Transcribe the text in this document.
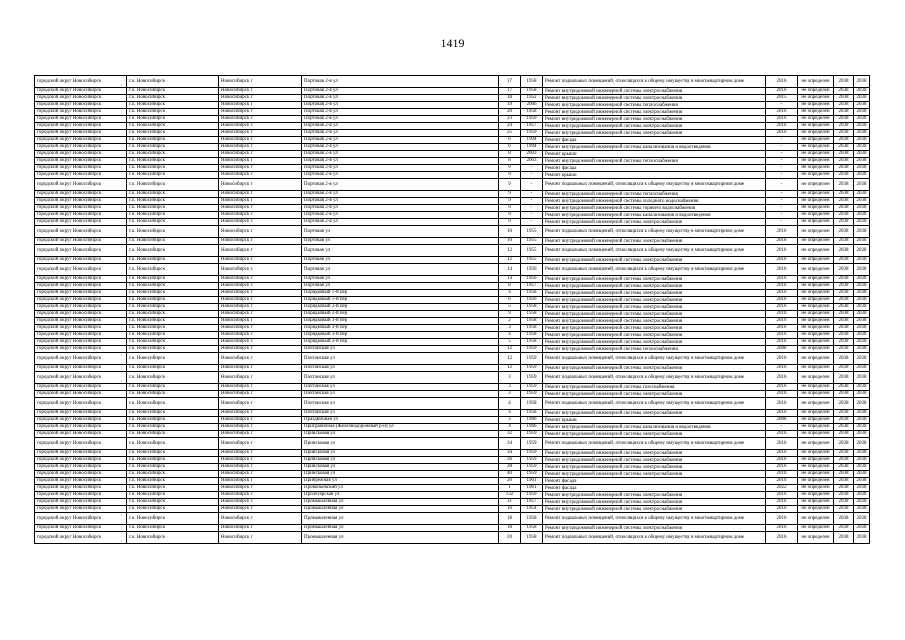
1419
городской округ Новосибирск	г.о. Новосибирск	Новосибирск г	Портовая 2-я ул	17	1958	Ремонт подвальных помещений, относящихся к общему имуществу в многоквартирном доме	2016	не определен	2038	2038
городской округ Новосибирск	г.о. Новосибирск	Новосибирск г	Портовая 2-я ул	17	1958	Ремонт внутридомовой инженерной системы электроснабжения	2016	не определен	2038	2038
городской округ Новосибирск	г.о. Новосибирск	Новосибирск г	Портовая 2-я ул	18	1952	Ремонт внутридомовой инженерной системы электроснабжения	2015	не определен	2038	2038
городской округ Новосибирск	г.о. Новосибирск	Новосибирск г	Портовая 2-я ул	19	2006	Ремонт внутридомовой инженерной системы теплоснабжения	-	не определен	2038	2038
городской округ Новосибирск	г.о. Новосибирск	Новосибирск г	Портовая 2-я ул	20	1958	Ремонт внутридомовой инженерной системы электроснабжения	2016	не определен	2038	2038
городской округ Новосибирск	г.о. Новосибирск	Новосибирск г	Портовая 2-я ул	23	1959	Ремонт внутридомовой инженерной системы электроснабжения	2016	не определен	2038	2038
городской округ Новосибирск	г.о. Новосибирск	Новосибирск г	Портовая 2-я ул	24	1957	Ремонт внутридомовой инженерной системы электроснабжения	2016	не определен	2038	2038
городской округ Новосибирск	г.о. Новосибирск	Новосибирск г	Портовая 2-я ул	25	1959	Ремонт внутридомовой инженерной системы электроснабжения	2016	не определен	2038	2038
городской округ Новосибирск	г.о. Новосибирск	Новосибирск г	Портовая 2-я ул	6	1994	Ремонт фасада	-	не определен	2038	2038
городской округ Новосибирск	г.о. Новосибирск	Новосибирск г	Портовая 2-я ул	6	1994	Ремонт внутридомовой инженерной системы канализования и водоотведения	-	не определен	2038	2038
городской округ Новосибирск	г.о. Новосибирск	Новосибирск г	Портовая 2-я ул	8	2003	Ремонт крыши	-	не определен	2038	2038
городской округ Новосибирск	г.о. Новосибирск	Новосибирск г	Портовая 2-я ул	8	2003	Ремонт внутридомовой инженерной системы теплоснабжения	-	не определен	2038	2038
городской округ Новосибирск	г.о. Новосибирск	Новосибирск г	Портовая 2-я ул	9	-	Ремонт фасада	-	не определен	2038	2038
городской округ Новосибирск	г.о. Новосибирск	Новосибирск г	Портовая 2-я ул	9	-	Ремонт крыши	-	не определен	2038	2038
городской округ Новосибирск	г.о. Новосибирск	Новосибирск г	Портовая 2-я ул	9	-	Ремонт подвальных помещений, относящихся к общему имуществу в многоквартирном доме	-	не определен	2038	2038
городской округ Новосибирск	г.о. Новосибирск	Новосибирск г	Портовая 2-я ул	9	-	Ремонт внутридомовой инженерной системы теплоснабжения	-	не определен	2038	2038
городской округ Новосибирск	г.о. Новосибирск	Новосибирск г	Портовая 2-я ул	9	-	Ремонт внутридомовой инженерной системы холодного водоснабжения	-	не определен	2038	2038
городской округ Новосибирск	г.о. Новосибирск	Новосибирск г	Портовая 2-я ул	9	-	Ремонт внутридомовой инженерной системы горячего водоснабжения	-	не определен	2038	2038
городской округ Новосибирск	г.о. Новосибирск	Новосибирск г	Портовая 2-я ул	9	-	Ремонт внутридомовой инженерной системы канализования и водоотведения	-	не определен	2038	2038
городской округ Новосибирск	г.о. Новосибирск	Новосибирск г	Портовая 2-я ул	9	-	Ремонт внутридомовой инженерной системы электроснабжения	-	не определен	2038	2038
городской округ Новосибирск	г.о. Новосибирск	Новосибирск г	Портовая ул	10	1955	Ремонт подвальных помещений, относящихся к общему имуществу в многоквартирном доме	2016	не определен	2038	2038
городской округ Новосибирск	г.о. Новосибирск	Новосибирск г	Портовая ул	10	1955	Ремонт внутридомовой инженерной системы электроснабжения	2016	не определен	2038	2038
городской округ Новосибирск	г.о. Новосибирск	Новосибирск г	Портовая ул	12	1955	Ремонт подвальных помещений, относящихся к общему имуществу в многоквартирном доме	2016	не определен	2038	2038
городской округ Новосибирск	г.о. Новосибирск	Новосибирск г	Портовая ул	12	1955	Ремонт внутридомовой инженерной системы электроснабжения	2016	не определен	2038	2038
городской округ Новосибирск	г.о. Новосибирск	Новосибирск г	Портовая ул	14	1956	Ремонт подвальных помещений, относящихся к общему имуществу в многоквартирном доме	2016	не определен	2038	2038
городской округ Новосибирск	г.о. Новосибирск	Новосибирск г	Портовая ул	14	1956	Ремонт внутридомовой инженерной системы электроснабжения	2016	не определен	2038	2038
городской округ Новосибирск	г.о. Новосибирск	Новосибирск г	Портовая ул	8	1957	Ремонт внутридомовой инженерной системы электроснабжения	2016	не определен	2038	2038
городской округ Новосибирск	г.о. Новосибирск	Новосибирск г	Порядковый 1-й пер	4	1958	Ремонт внутридомовой инженерной системы электроснабжения	2016	не определен	2038	2038
городской округ Новосибирск	г.о. Новосибирск	Новосибирск г	Порядковый 1-й пер	6	1956	Ремонт внутридомовой инженерной системы электроснабжения	2016	не определен	2038	2038
городской округ Новосибирск	г.о. Новосибирск	Новосибирск г	Порядковый 2-й пер	5	1958	Ремонт внутридомовой инженерной системы электроснабжения	2016	не определен	2038	2038
городской округ Новосибирск	г.о. Новосибирск	Новосибирск г	Порядковый 2-й пер	9	1958	Ремонт внутридомовой инженерной системы электроснабжения	2016	не определен	2038	2038
городской округ Новосибирск	г.о. Новосибирск	Новосибирск г	Порядковый 3-й пер	2	1958	Ремонт внутридомовой инженерной системы электроснабжения	2016	не определен	2038	2038
городской округ Новосибирск	г.о. Новосибирск	Новосибирск г	Порядковый 3-й пер	3	1958	Ремонт внутридомовой инженерной системы электроснабжения	2016	не определен	2038	2038
городской округ Новосибирск	г.о. Новосибирск	Новосибирск г	Порядковый 3-й пер	4	1958	Ремонт внутридомовой инженерной системы электроснабжения	2016	не определен	2038	2038
городской округ Новосибирск	г.о. Новосибирск	Новосибирск г	Порядковый 3-й пер	5	1958	Ремонт внутридомовой инженерной системы электроснабжения	2016	не определен	2038	2038
городской округ Новосибирск	г.о. Новосибирск	Новосибирск г	Почтанская ул	12	1959	Ремонт внутридомовой инженерной системы теплоснабжения	2008	не определен	2038	2038
городской округ Новосибирск	г.о. Новосибирск	Новосибирск г	Почтанская ул	12	1959	Ремонт подвальных помещений, относящихся к общему имуществу в многоквартирном доме	2016	не определен	2038	2038
городской округ Новосибирск	г.о. Новосибирск	Новосибирск г	Почтанская ул	12	1959	Ремонт внутридомовой инженерной системы электроснабжения	2016	не определен	2038	2038
городской округ Новосибирск	г.о. Новосибирск	Новосибирск г	Почтанская ул	3	1959	Ремонт подвальных помещений, относящихся к общему имуществу в многоквартирном доме	2016	не определен	2038	2038
городской округ Новосибирск	г.о. Новосибирск	Новосибирск г	Почтанская ул	3	1959	Ремонт внутридомовой инженерной системы газоснабжения	2016	не определен	2038	2038
городской округ Новосибирск	г.о. Новосибирск	Новосибирск г	Почтанская ул	3	1959	Ремонт внутридомовой инженерной системы электроснабжения	2016	не определен	2038	2038
городской округ Новосибирск	г.о. Новосибирск	Новосибирск г	Почтанская ул	4	1958	Ремонт подвальных помещений, относящихся к общему имуществу в многоквартирном доме	2016	не определен	2038	2038
городской округ Новосибирск	г.о. Новосибирск	Новосибирск г	Почтанская ул	4	1958	Ремонт внутридомовой инженерной системы электроснабжения	2016	не определен	2038	2038
городской округ Новосибирск	г.о. Новосибирск	Новосибирск г	Праздничная ул	3	1966	Ремонт крыши	2008	не определен	2038	2038
городской округ Новосибирск	г.о. Новосибирск	Новосибирск г	Приграничная (Железнодорожный р-н) ул	4	1966	Ремонт внутридомовой инженерной системы канализования и водоотведения	-	не определен	2038	2038
городской округ Новосибирск	г.о. Новосибирск	Новосибирск г	Приисковая ул	32	1959	Ремонт внутридомовой инженерной системы электроснабжения	2016	не определен	2038	2038
городской округ Новосибирск	г.о. Новосибирск	Новосибирск г	Приисковая ул	34	1959	Ремонт подвальных помещений, относящихся к общему имуществу в многоквартирном доме	2016	не определен	2038	2038
городской округ Новосибирск	г.о. Новосибирск	Новосибирск г	Приисковая ул	34	1959	Ремонт внутридомовой инженерной системы электроснабжения	2016	не определен	2038	2038
городской округ Новосибирск	г.о. Новосибирск	Новосибирск г	Приисковая ул	36	1959	Ремонт внутридомовой инженерной системы электроснабжения	2016	не определен	2038	2038
городской округ Новосибирск	г.о. Новосибирск	Новосибирск г	Приисковая ул	38	1959	Ремонт внутридомовой инженерной системы электроснабжения	2016	не определен	2038	2038
городской округ Новосибирск	г.о. Новосибирск	Новосибирск г	Приисковая ул	40	1959	Ремонт внутридомовой инженерной системы электроснабжения	2016	не определен	2038	2038
городской округ Новосибирск	г.о. Новосибирск	Новосибирск г	Прибрежная ул	26	1961	Ремонт фасада	2016	не определен	2038	2038
городской округ Новосибирск	г.о. Новосибирск	Новосибирск г	Прокопьевский ул	1	1961	Ремонт фасада	2022	не определен	2038	2038
городской округ Новосибирск	г.о. Новосибирск	Новосибирск г	Пролетарская ул	132	1959	Ремонт внутридомовой инженерной системы электроснабжения	2016	не определен	2038	2038
городской округ Новосибирск	г.о. Новосибирск	Новосибирск г	Промышленная ул	31	1957	Ремонт внутридомовой инженерной системы электроснабжения	2016	не определен	2038	2038
городской округ Новосибирск	г.о. Новосибирск	Новосибирск г	Промышленная ул	16	1954	Ремонт внутридомовой инженерной системы электроснабжения	2016	не определен	2038	2038
городской округ Новосибирск	г.о. Новосибирск	Новосибирск г	Промышленная ул	18	1958	Ремонт подвальных помещений, относящихся к общему имуществу в многоквартирном доме	2016	не определен	2038	2038
городской округ Новосибирск	г.о. Новосибирск	Новосибирск г	Промышленная ул	18	1958	Ремонт внутридомовой инженерной системы электроснабжения	2016	не определен	2038	2038
городской округ Новосибирск	г.о. Новосибирск	Новосибирск г	Промышленная ул	20	1958	Ремонт подвальных помещений, относящихся к общему имуществу в многоквартирном доме	2016	не определен	2038	2038
